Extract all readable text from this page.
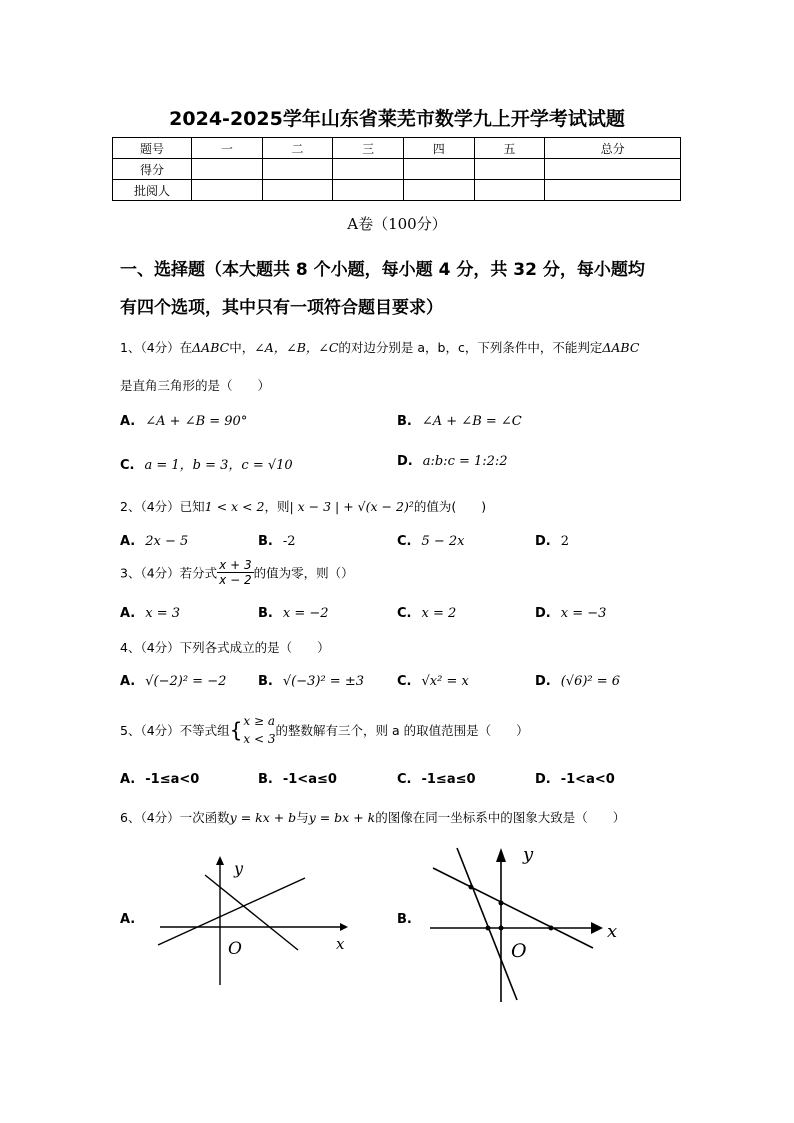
2024-2025学年山东省莱芜市数学九上开学考试试题
题号	一	二	三	四	五	总分
得分						
批阅人						
A卷（100分）
一、选择题（本大题共 8 个小题，每小题 4 分，共 32 分，每小题均
有四个选项，其中只有一项符合题目要求）
1、（4分）在ΔABC中，∠A，∠B，∠C的对边分别是 a，b，c，下列条件中，不能判定ΔABC
是直角三角形的是（　　）
A. ∠A + ∠B = 90°	B. ∠A + ∠B = ∠C
C. a = 1，b = 3，c = √10	D. a:b:c = 1:2:2
2、（4分）已知1 < x < 2，则| x − 3 | + √(x − 2)²的值为(　　)
A. 2x − 5	B. -2	C. 5 − 2x	D. 2
3、（4分）若分式 $\frac{x + 3}{x - 2}$ 的值为零，则（）
A. x = 3	B. x = −2	C. x = 2	D. x = −3
4、（4分）下列各式成立的是（　　）
A. √(−2)² = −2 B. √(−3)² = ±3	C. √x² = x	D. (√6)² = 6
5、（4分）不等式组{ x ≥ a
x < 3
的整数解有三个，则 a 的取值范围是（　　）
A. -1≤a<0	B. -1<a≤0	C. -1≤a≤0	D. -1<a<0
6、（4分）一次函数y = kx + b与y = bx + k的图像在同一坐标系中的图象大致是（　　）
A.
y
x
O
B.
y
x
O
